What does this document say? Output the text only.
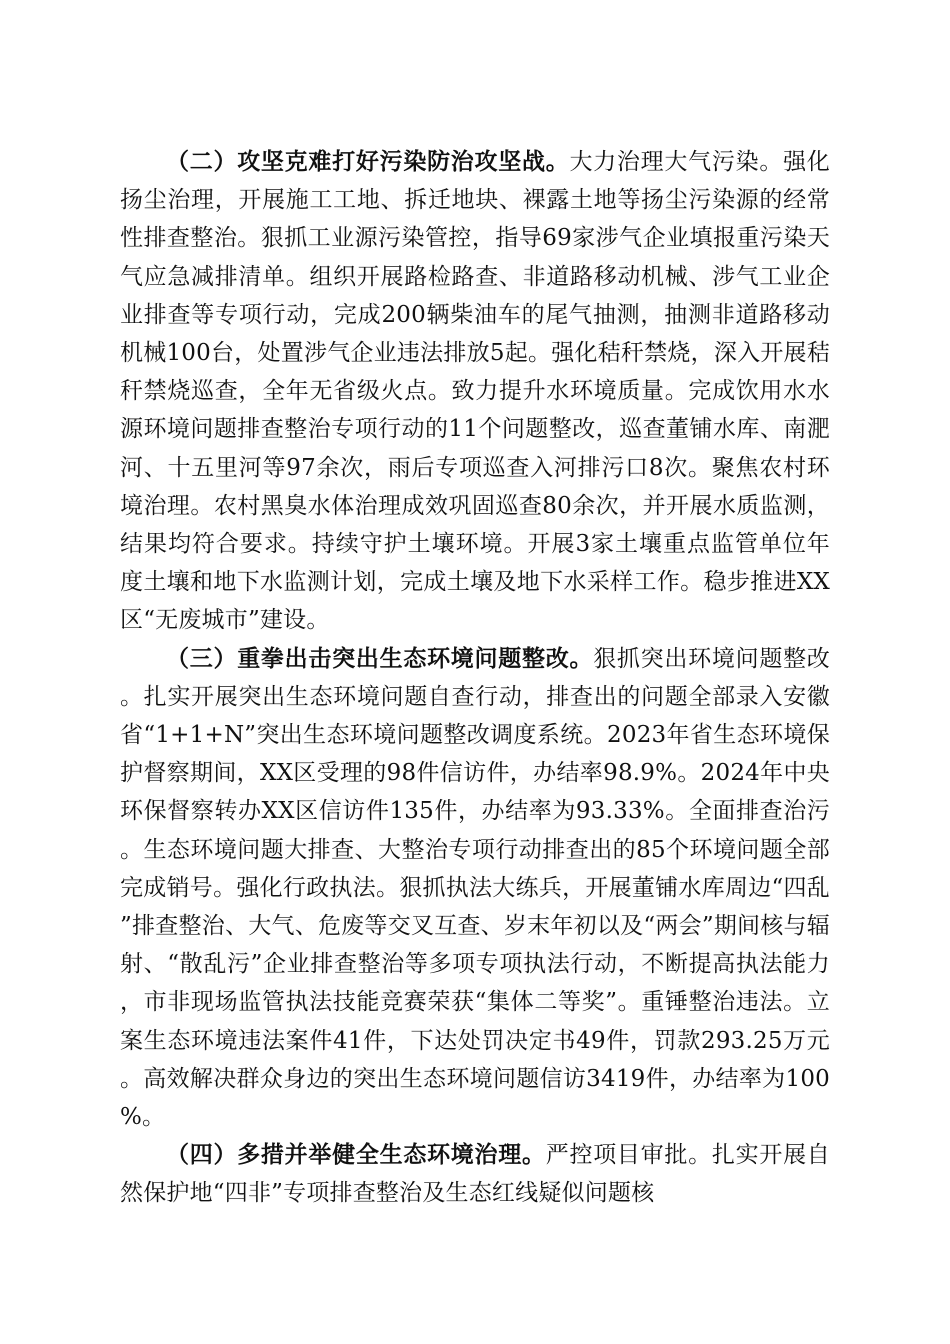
（二）攻坚克难打好污染防治攻坚战。大力治理大气污染。强化扬尘治理，开展施工工地、拆迁地块、裸露土地等扬尘污染源的经常性排查整治。狠抓工业源污染管控，指导69家涉气企业填报重污染天气应急减排清单。组织开展路检路查、非道路移动机械、涉气工业企业排查等专项行动，完成200辆柴油车的尾气抽测，抽测非道路移动机械100台，处置涉气企业违法排放5起。强化秸秆禁烧，深入开展秸秆禁烧巡查，全年无省级火点。致力提升水环境质量。完成饮用水水源环境问题排查整治专项行动的11个问题整改，巡查董铺水库、南淝河、十五里河等97余次，雨后专项巡查入河排污口8次。聚焦农村环境治理。农村黑臭水体治理成效巩固巡查80余次，并开展水质监测，结果均符合要求。持续守护土壤环境。开展3家土壤重点监管单位年度土壤和地下水监测计划，完成土壤及地下水采样工作。稳步推进XX区“无废城市”建设。

（三）重拳出击突出生态环境问题整改。狠抓突出环境问题整改。扎实开展突出生态环境问题自查行动，排查出的问题全部录入安徽省“1+1+N”突出生态环境问题整改调度系统。2023年省生态环境保护督察期间，XX区受理的98件信访件，办结率98.9%。2024年中央环保督察转办XX区信访件135件，办结率为93.33%。全面排查治污。生态环境问题大排查、大整治专项行动排查出的85个环境问题全部完成销号。强化行政执法。狠抓执法大练兵，开展董铺水库周边“四乱”排查整治、大气、危废等交叉互查、岁末年初以及“两会”期间核与辐射、“散乱污”企业排查整治等多项专项执法行动，不断提高执法能力，市非现场监管执法技能竞赛荣获“集体二等奖”。重锤整治违法。立案生态环境违法案件41件，下达处罚决定书49件，罚款293.25万元。高效解决群众身边的突出生态环境问题信访3419件，办结率为100%。

（四）多措并举健全生态环境治理。严控项目审批。扎实开展自然保护地“四非”专项排查整治及生态红线疑似问题核
